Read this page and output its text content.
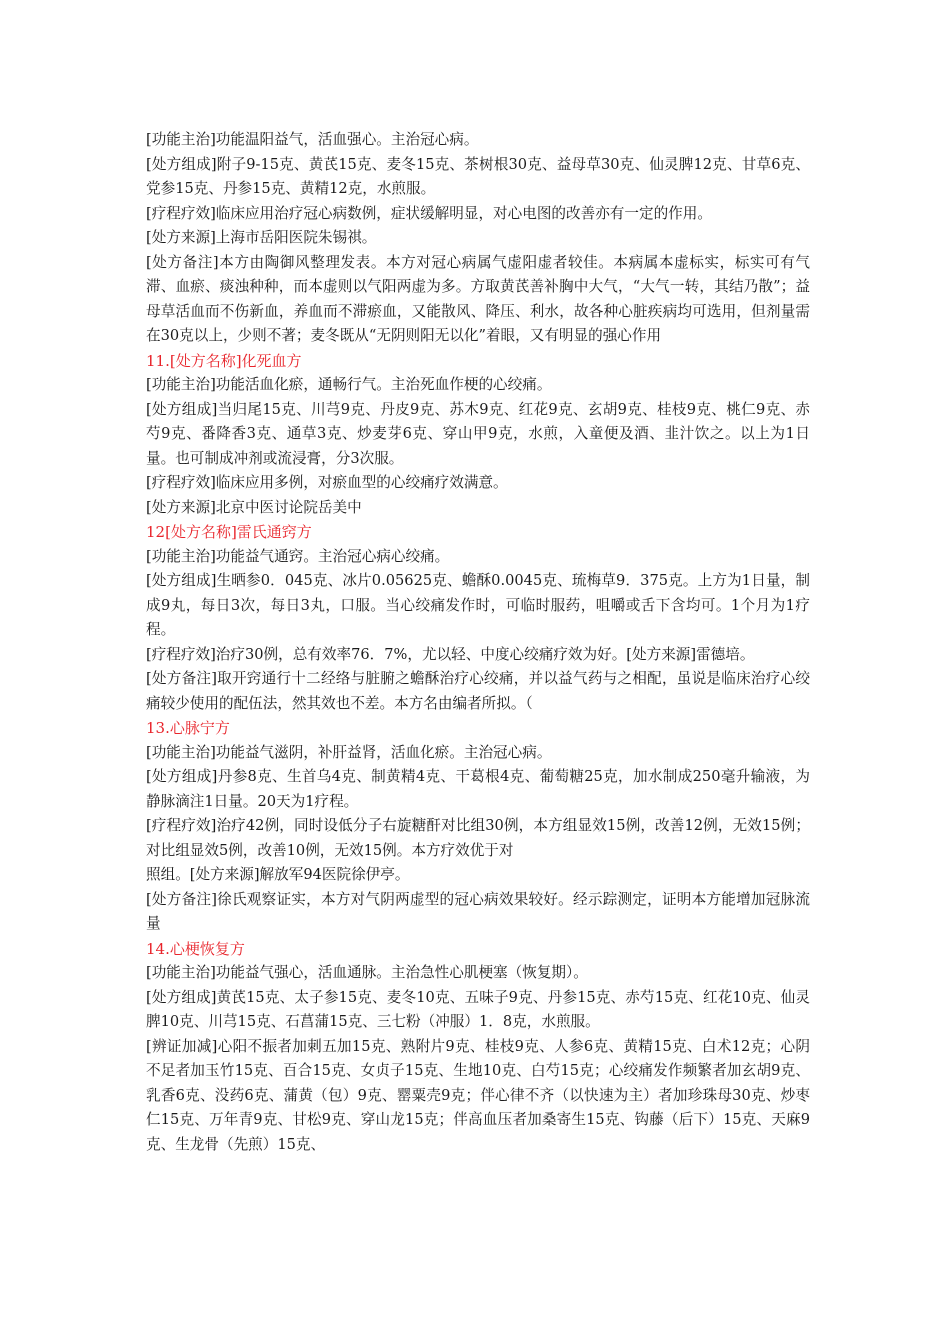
[功能主治]功能温阳益气，活血强心。主治冠心病。

[处方组成]附子9-15克、黄芪15克、麦冬15克、茶树根30克、益母草30克、仙灵脾12克、甘草6克、党参15克、丹参15克、黄精12克，水煎服。

[疗程疗效]临床应用治疗冠心病数例，症状缓解明显，对心电图的改善亦有一定的作用。

[处方来源]上海市岳阳医院朱锡祺。

[处方备注]本方由陶御风整理发表。本方对冠心病属气虚阳虚者较佳。本病属本虚标实，标实可有气滞、血瘀、痰浊种种，而本虚则以气阳两虚为多。方取黄芪善补胸中大气，“大气一转，其结乃散”；益母草活血而不伤新血，养血而不滞瘀血，又能散风、降压、利水，故各种心脏疾病均可选用，但剂量需在30克以上，少则不著；麦冬既从“无阴则阳无以化”着眼，又有明显的强心作用

11.[处方名称]化死血方

[功能主治]功能活血化瘀，通畅行气。主治死血作梗的心绞痛。

[处方组成]当归尾15克、川芎9克、丹皮9克、苏木9克、红花9克、玄胡9克、桂枝9克、桃仁9克、赤芍9克、番降香3克、通草3克、炒麦芽6克、穿山甲9克，水煎，入童便及酒、韭汁饮之。以上为1日量。也可制成冲剂或流浸膏，分3次服。

[疗程疗效]临床应用多例，对瘀血型的心绞痛疗效满意。

[处方来源]北京中医讨论院岳美中

12[处方名称]雷氏通窍方

[功能主治]功能益气通窍。主治冠心病心绞痛。

[处方组成]生晒参0．045克、冰片0.05625克、蟾酥0.0045克、琉梅草9．375克。上方为1日量，制成9丸，每日3次，每日3丸，口服。当心绞痛发作时，可临时服药，咀嚼或舌下含均可。1个月为1疗程。

[疗程疗效]治疗30例，总有效率76．7%，尤以轻、中度心绞痛疗效为好。[处方来源]雷德培。

[处方备注]取开窍通行十二经络与脏腑之蟾酥治疗心绞痛，并以益气药与之相配，虽说是临床治疗心绞痛较少使用的配伍法，然其效也不差。本方名由编者所拟。（

13.心脉宁方

[功能主治]功能益气滋阴，补肝益肾，活血化瘀。主治冠心病。

[处方组成]丹参8克、生首乌4克、制黄精4克、干葛根4克、葡萄糖25克，加水制成250毫升输液，为静脉滴注1日量。20天为1疗程。

[疗程疗效]治疗42例，同时设低分子右旋糖酐对比组30例，本方组显效15例，改善12例，无效15例；对比组显效5例，改善10例，无效15例。本方疗效优于对

照组。[处方来源]解放军94医院徐伊亭。

[处方备注]徐氏观察证实，本方对气阴两虚型的冠心病效果较好。经示踪测定，证明本方能增加冠脉流量

14.心梗恢复方

[功能主治]功能益气强心，活血通脉。主治急性心肌梗塞（恢复期）。

[处方组成]黄芪15克、太子参15克、麦冬10克、五味子9克、丹参15克、赤芍15克、红花10克、仙灵脾10克、川芎15克、石菖蒲15克、三七粉（冲服）1．8克，水煎服。

[辨证加减]心阳不振者加刺五加15克、熟附片9克、桂枝9克、人参6克、黄精15克、白术12克；心阴不足者加玉竹15克、百合15克、女贞子15克、生地10克、白芍15克；心绞痛发作频繁者加玄胡9克、乳香6克、没药6克、蒲黄（包）9克、罂粟壳9克；伴心律不齐（以快速为主）者加珍珠母30克、炒枣仁15克、万年青9克、甘松9克、穿山龙15克；伴高血压者加桑寄生15克、钩藤（后下）15克、天麻9克、生龙骨（先煎）15克、
